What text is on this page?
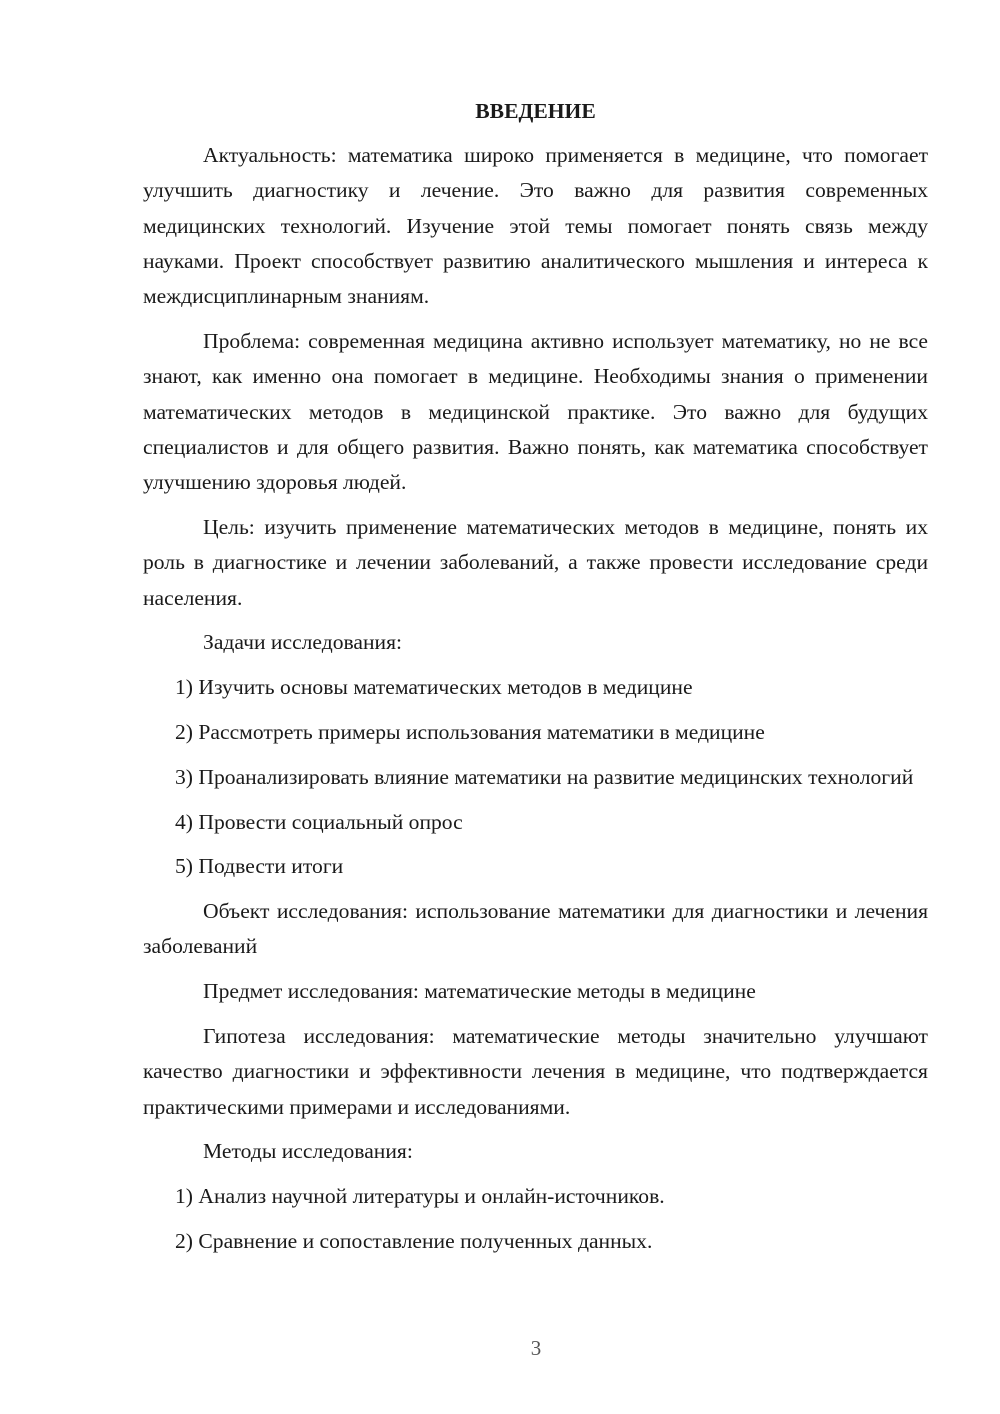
ВВЕДЕНИЕ

Актуальность: математика широко применяется в медицине, что помогает улучшить диагностику и лечение. Это важно для развития современных медицинских технологий. Изучение этой темы помогает понять связь между науками. Проект способствует развитию аналитического мышления и интереса к междисциплинарным знаниям.

Проблема: современная медицина активно использует математику, но не все знают, как именно она помогает в медицине. Необходимы знания о применении математических методов в медицинской практике. Это важно для будущих специалистов и для общего развития. Важно понять, как математика способствует улучшению здоровья людей.

Цель: изучить применение математических методов в медицине, понять их роль в диагностике и лечении заболеваний, а также провести исследование среди населения.

Задачи исследования:

1) Изучить основы математических методов в медицине

2) Рассмотреть примеры использования математики в медицине

3) Проанализировать влияние математики на развитие медицинских технологий

4) Провести социальный опрос

5) Подвести итоги

Объект исследования: использование математики для диагностики и лечения заболеваний

Предмет исследования: математические методы в медицине

Гипотеза исследования: математические методы значительно улучшают качество диагностики и эффективности лечения в медицине, что подтверждается практическими примерами и исследованиями.

Методы исследования:

1) Анализ научной литературы и онлайн-источников.

2) Сравнение и сопоставление полученных данных.

3
